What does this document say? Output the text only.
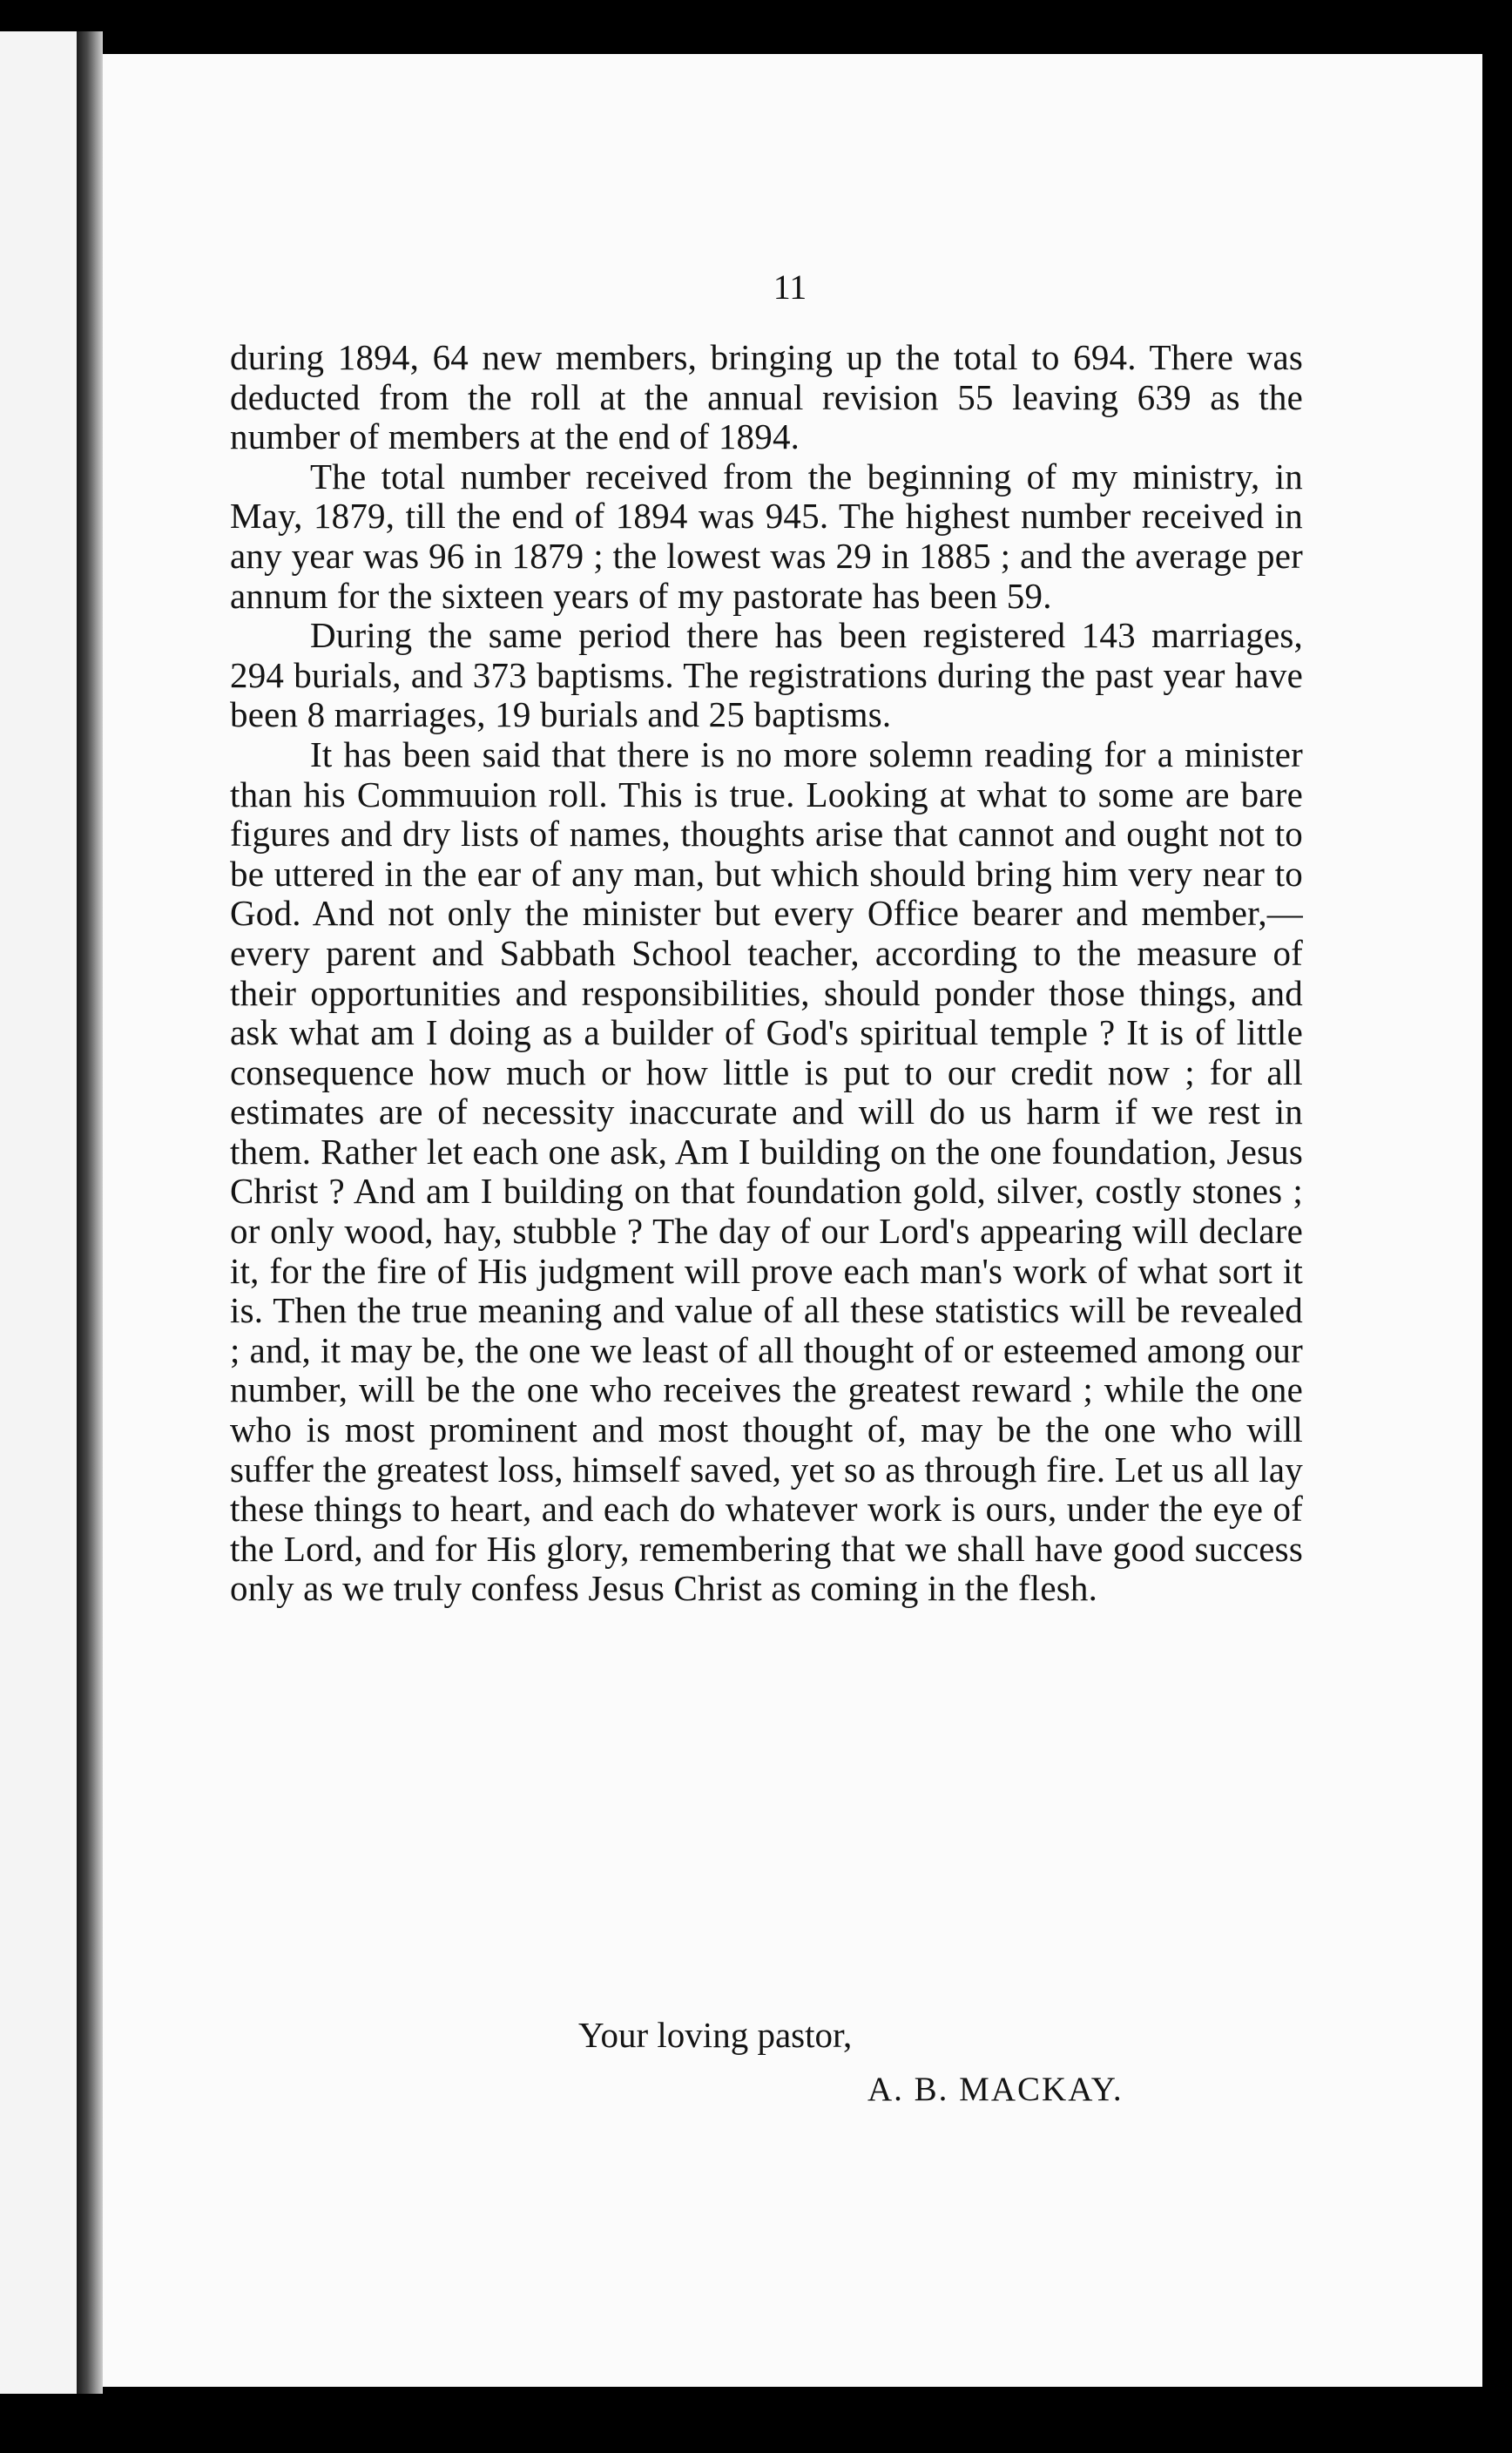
11

during 1894, 64 new members, bringing up the total to 694. There was deducted from the roll at the annual revision 55 leaving 639 as the number of members at the end of 1894.

The total number received from the beginning of my ministry, in May, 1879, till the end of 1894 was 945. The highest number received in any year was 96 in 1879 ; the lowest was 29 in 1885 ; and the average per annum for the sixteen years of my pastorate has been 59.

During the same period there has been registered 143 marriages, 294 burials, and 373 baptisms. The registrations during the past year have been 8 marriages, 19 burials and 25 baptisms.

It has been said that there is no more solemn reading for a minister than his Commuuion roll. This is true. Looking at what to some are bare figures and dry lists of names, thoughts arise that cannot and ought not to be uttered in the ear of any man, but which should bring him very near to God. And not only the minister but every Office bearer and member,—every parent and Sabbath School teacher, according to the measure of their opportunities and responsibilities, should ponder those things, and ask what am I doing as a builder of God's spiritual temple ? It is of little consequence how much or how little is put to our credit now ; for all estimates are of necessity inaccurate and will do us harm if we rest in them. Rather let each one ask, Am I building on the one foundation, Jesus Christ ? And am I building on that foundation gold, silver, costly stones ; or only wood, hay, stubble ? The day of our Lord's appearing will declare it, for the fire of His judgment will prove each man's work of what sort it is. Then the true meaning and value of all these statistics will be revealed ; and, it may be, the one we least of all thought of or esteemed among our number, will be the one who receives the greatest reward ; while the one who is most prominent and most thought of, may be the one who will suffer the greatest loss, himself saved, yet so as through fire. Let us all lay these things to heart, and each do whatever work is ours, under the eye of the Lord, and for His glory, remembering that we shall have good success only as we truly confess Jesus Christ as coming in the flesh.

Your loving pastor,
A. B. MACKAY.
